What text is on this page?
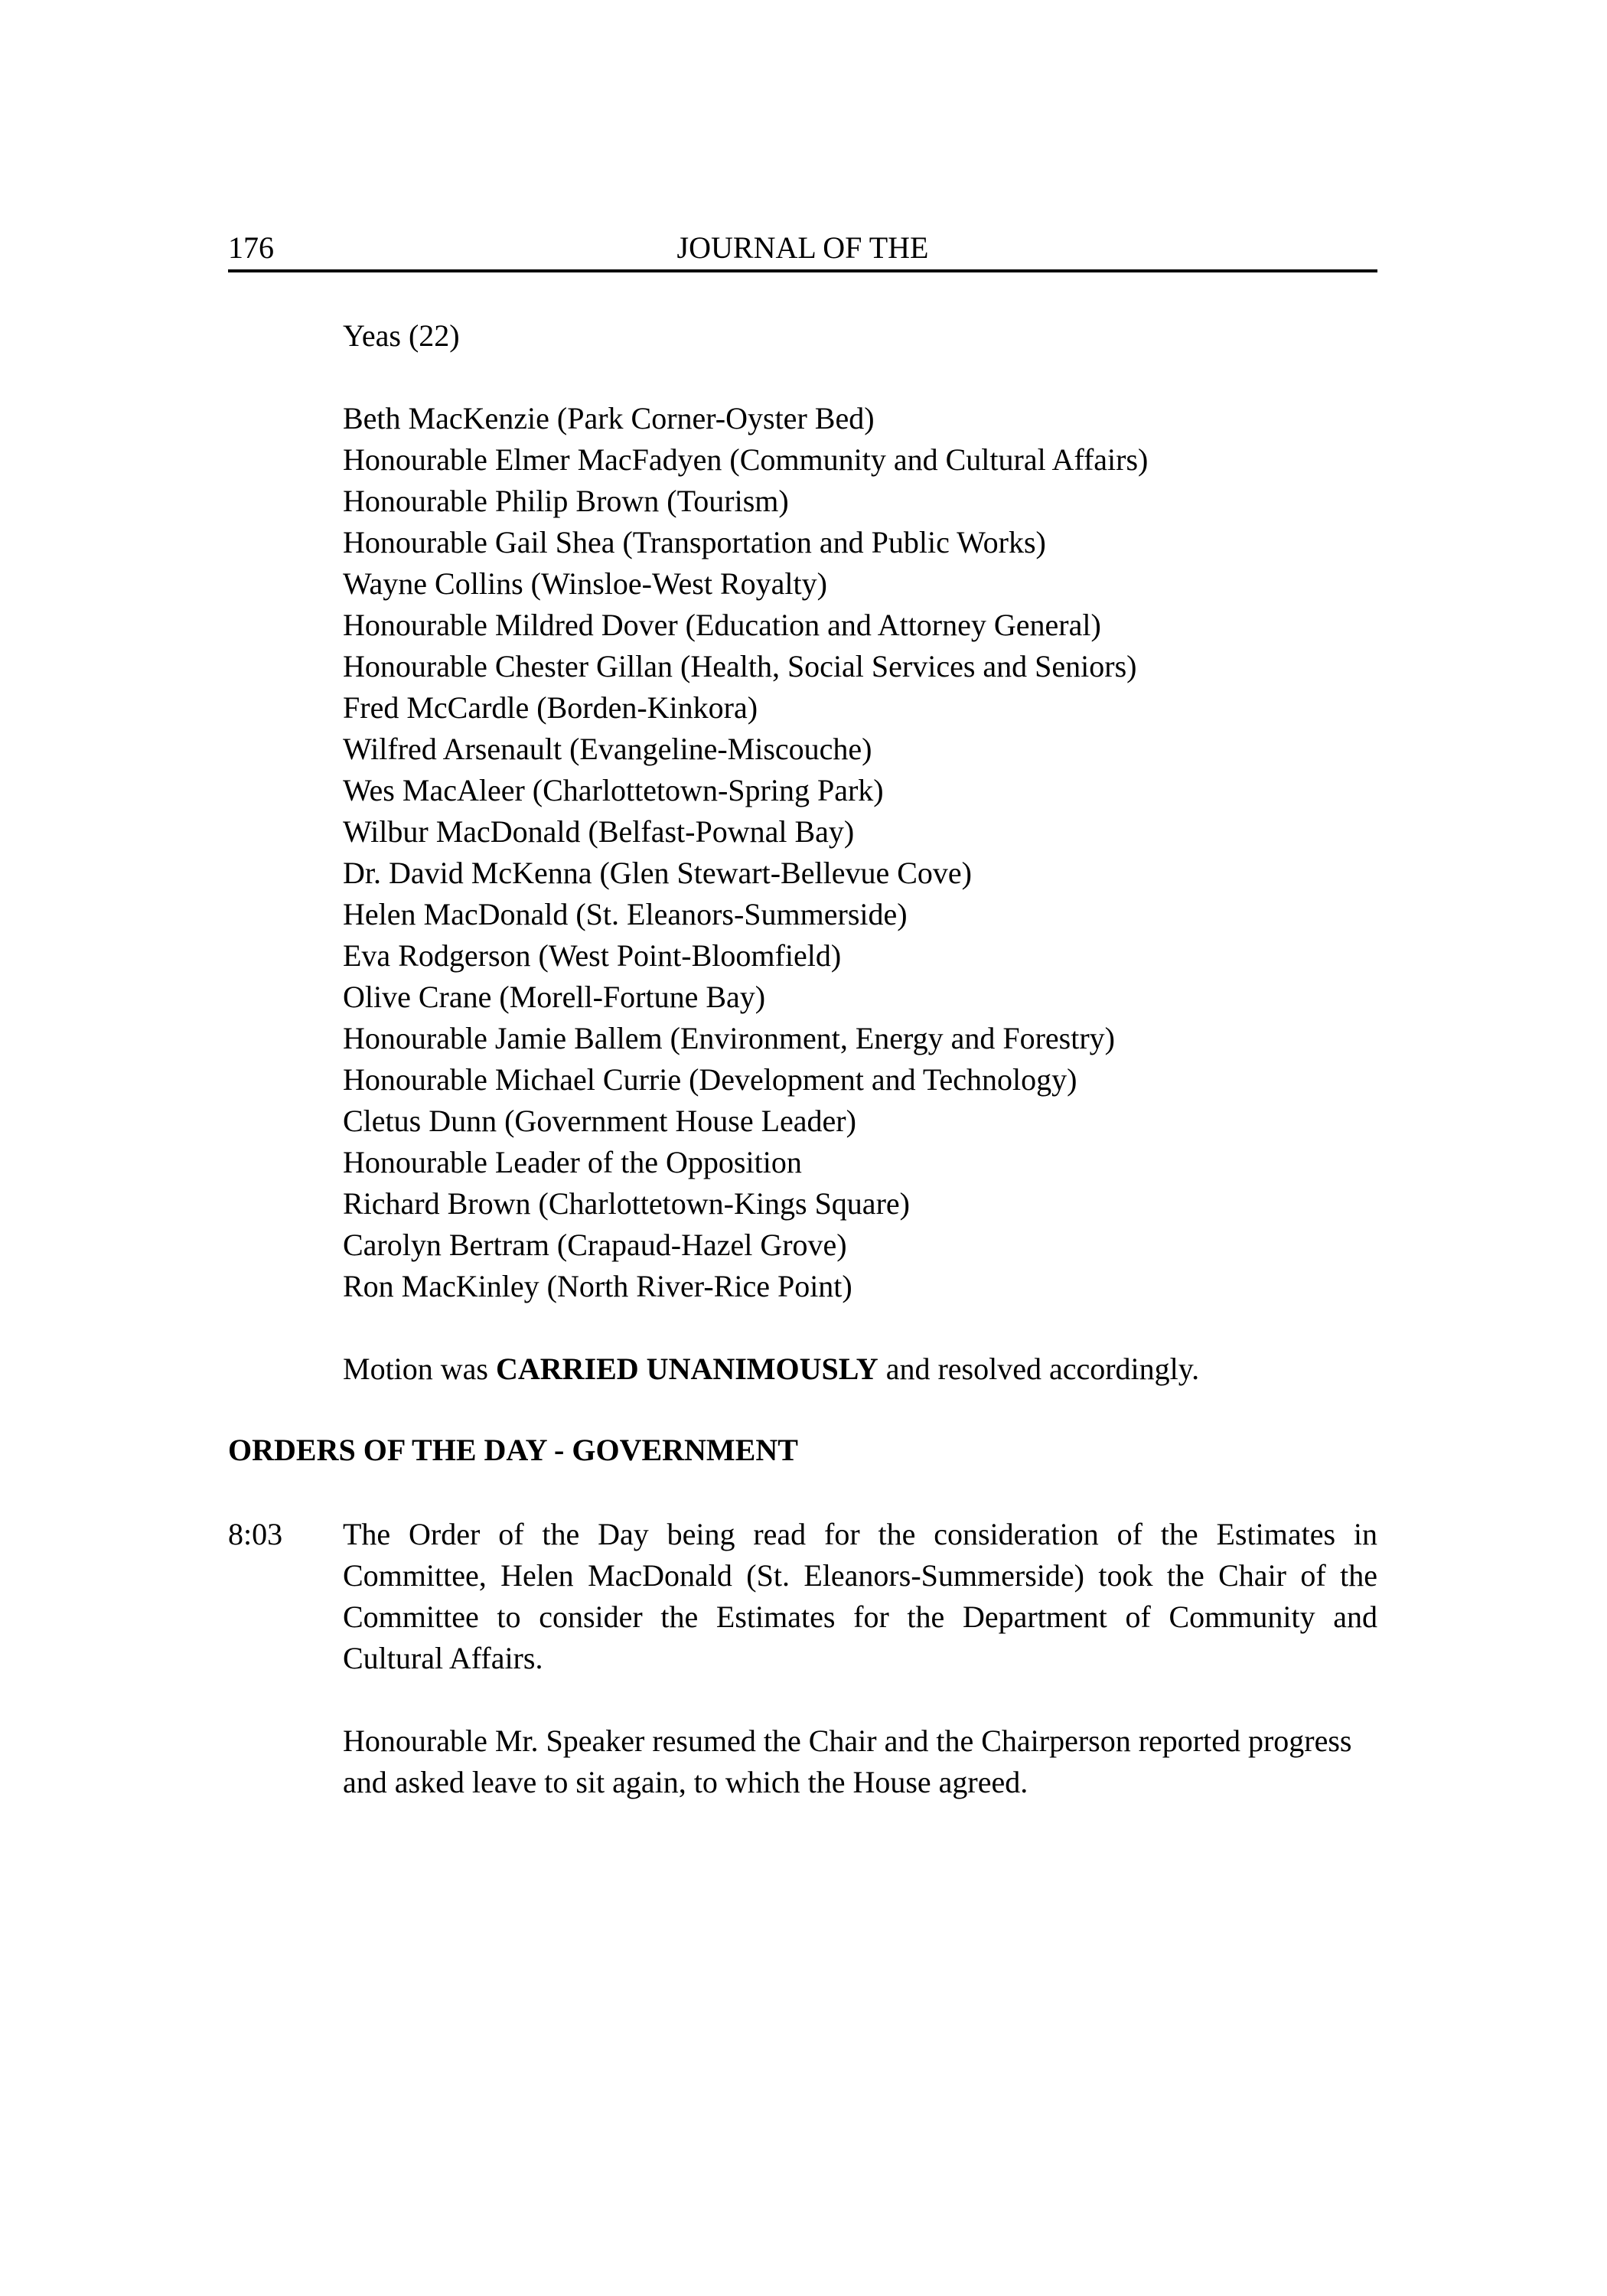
176	JOURNAL OF THE
Yeas (22)
Beth MacKenzie (Park Corner-Oyster Bed)
Honourable Elmer MacFadyen (Community and Cultural Affairs)
Honourable Philip Brown (Tourism)
Honourable Gail Shea (Transportation and Public Works)
Wayne Collins (Winsloe-West Royalty)
Honourable Mildred Dover (Education and Attorney General)
Honourable Chester Gillan (Health, Social Services and Seniors)
Fred McCardle (Borden-Kinkora)
Wilfred Arsenault (Evangeline-Miscouche)
Wes MacAleer (Charlottetown-Spring Park)
Wilbur MacDonald (Belfast-Pownal Bay)
Dr. David McKenna (Glen Stewart-Bellevue Cove)
Helen MacDonald (St. Eleanors-Summerside)
Eva Rodgerson (West Point-Bloomfield)
Olive Crane (Morell-Fortune Bay)
Honourable Jamie Ballem (Environment, Energy and Forestry)
Honourable Michael Currie (Development and Technology)
Cletus Dunn (Government House Leader)
Honourable Leader of the Opposition
Richard Brown (Charlottetown-Kings Square)
Carolyn Bertram (Crapaud-Hazel Grove)
Ron MacKinley (North River-Rice Point)
Motion was CARRIED UNANIMOUSLY and resolved accordingly.
ORDERS OF THE DAY - GOVERNMENT
8:03 The Order of the Day being read for the consideration of the Estimates in Committee, Helen MacDonald (St. Eleanors-Summerside) took the Chair of the Committee to consider the Estimates for the Department of Community and Cultural Affairs.
Honourable Mr. Speaker resumed the Chair and the Chairperson reported progress and asked leave to sit again, to which the House agreed.
